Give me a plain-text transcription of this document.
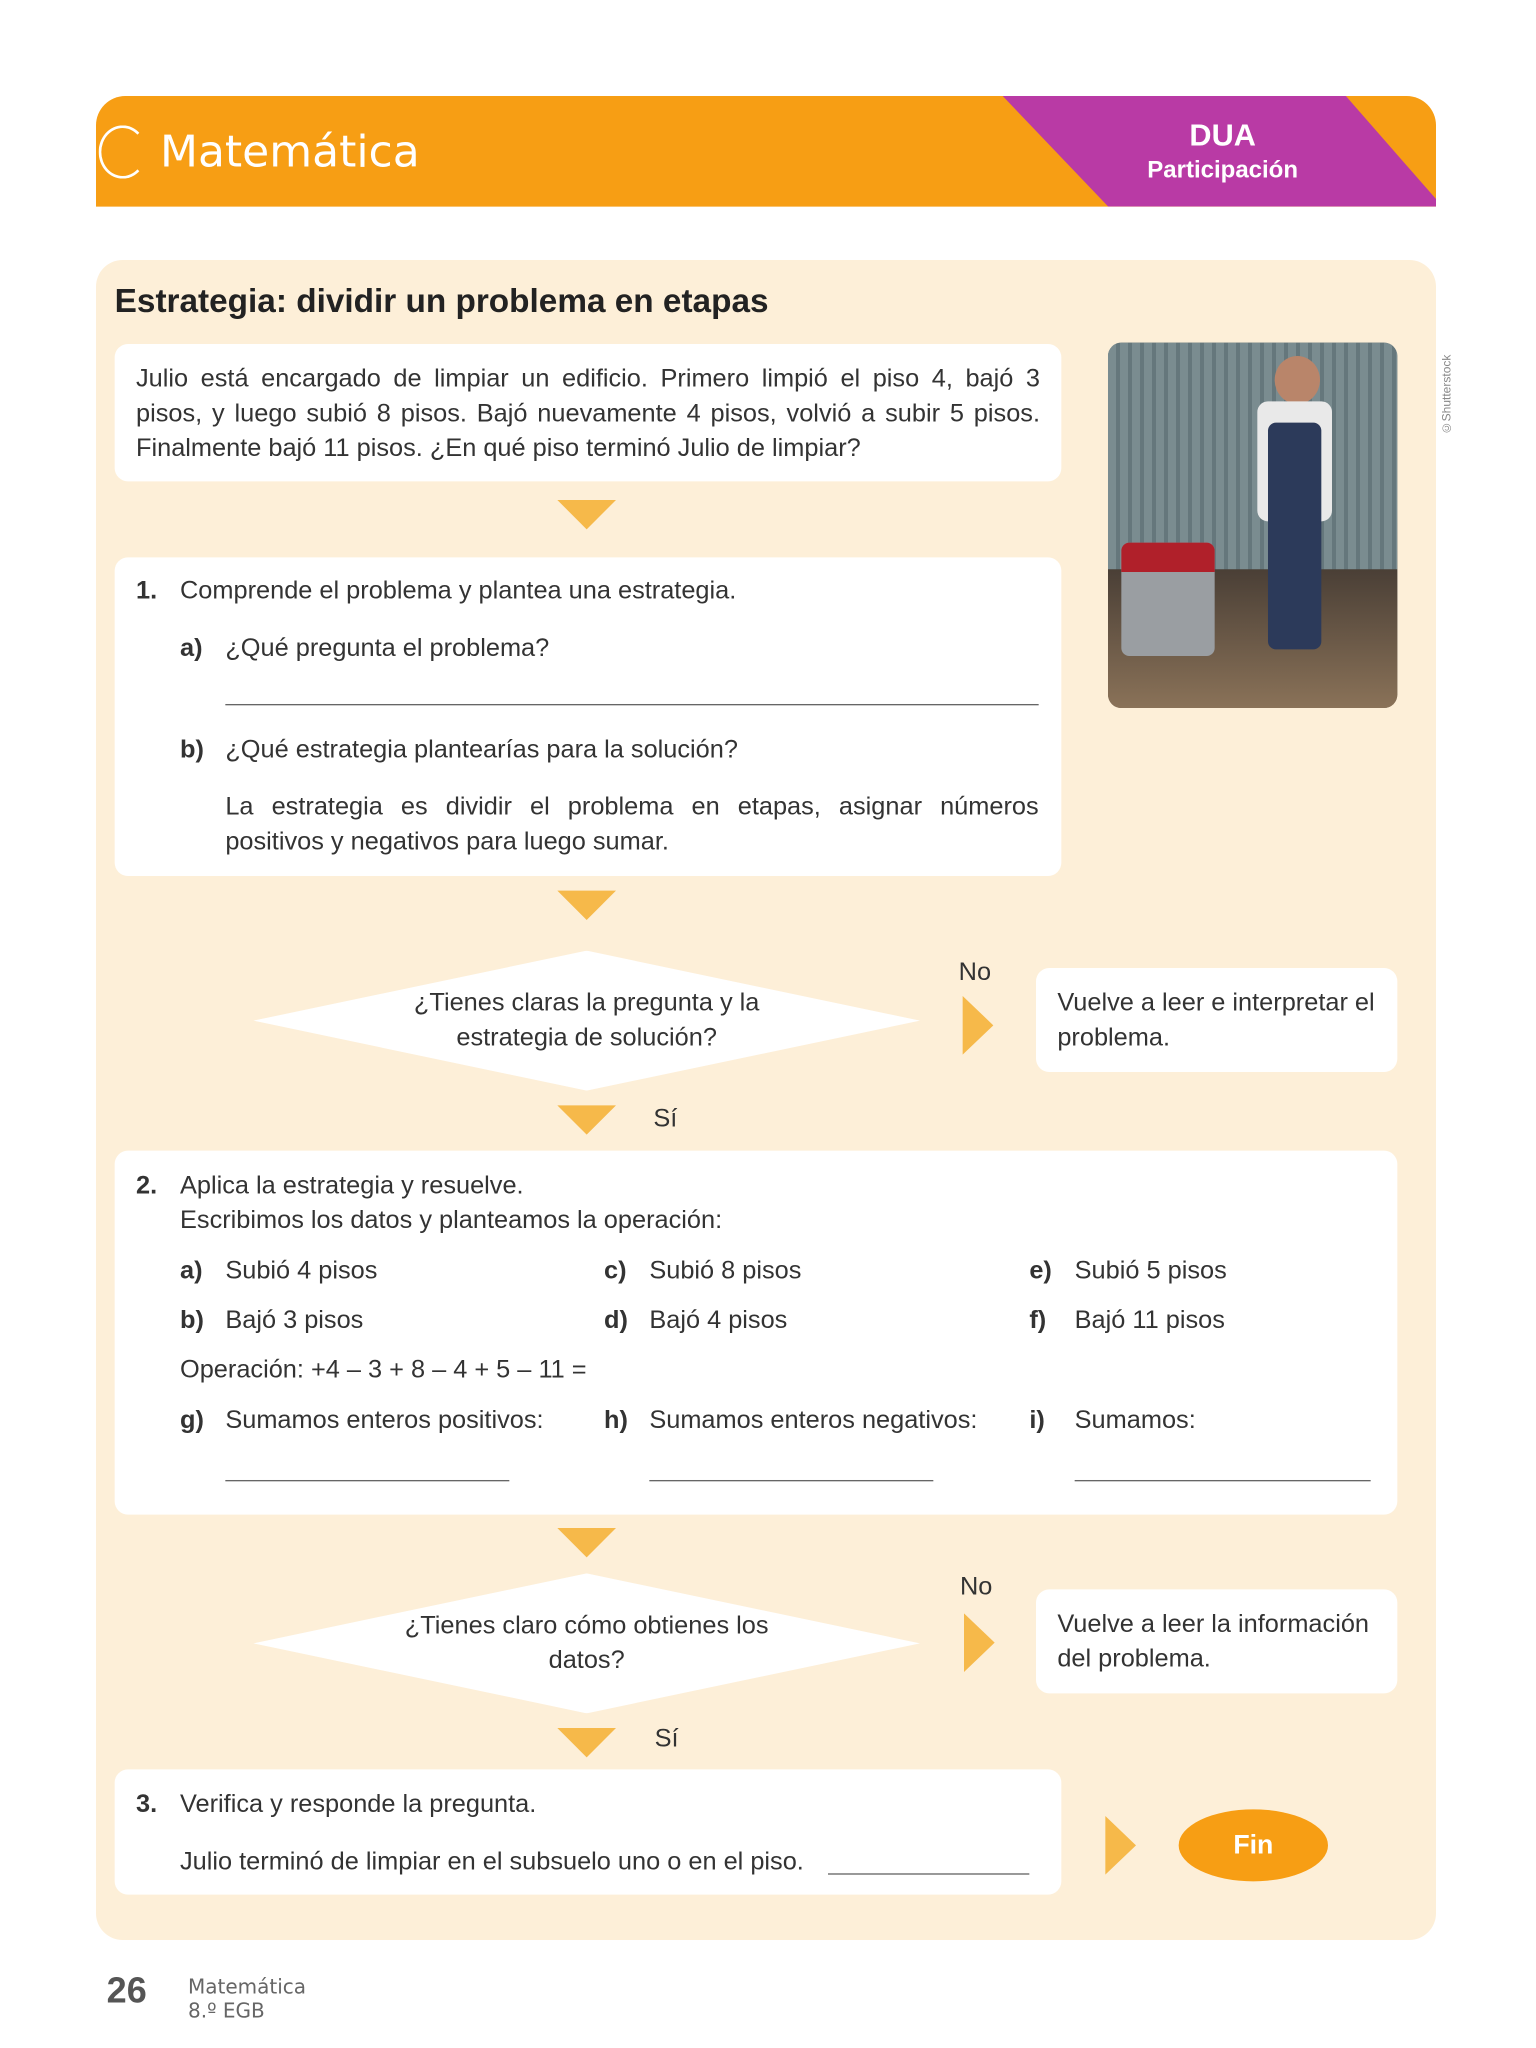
Matemática	DUA
Participación
Estrategia: dividir un problema en etapas
Julio está encargado de limpiar un edificio. Primero limpió el piso 4, bajó 3 pisos, y luego subió 8 pisos. Bajó nuevamente 4 pisos, volvió a subir 5 pisos. Finalmente bajó 11 pisos. ¿En qué piso terminó Julio de limpiar?
©Shutterstock
1. Comprende el problema y plantea una estrategia.
a) ¿Qué pregunta el problema?
b) ¿Qué estrategia plantearías para la solución?
La estrategia es dividir el problema en etapas, asignar números positivos y negativos para luego sumar.
¿Tienes claras la pregunta y la estrategia de solución?
No
Vuelve a leer e interpretar el problema.
Sí
2. Aplica la estrategia y resuelve.
Escribimos los datos y planteamos la operación:
a) Subió 4 pisos	c) Subió 8 pisos	e) Subió 5 pisos
b) Bajó 3 pisos	d) Bajó 4 pisos	f) Bajó 11 pisos
Operación: +4 – 3 + 8 – 4 + 5 – 11 =
g) Sumamos enteros positivos:	h) Sumamos enteros negativos:	i) Sumamos:
¿Tienes claro cómo obtienes los datos?
No
Vuelve a leer la información del problema.
Sí
3. Verifica y responde la pregunta.
Julio terminó de limpiar en el subsuelo uno o en el piso.
Fin
26	Matemática
8.º EGB
